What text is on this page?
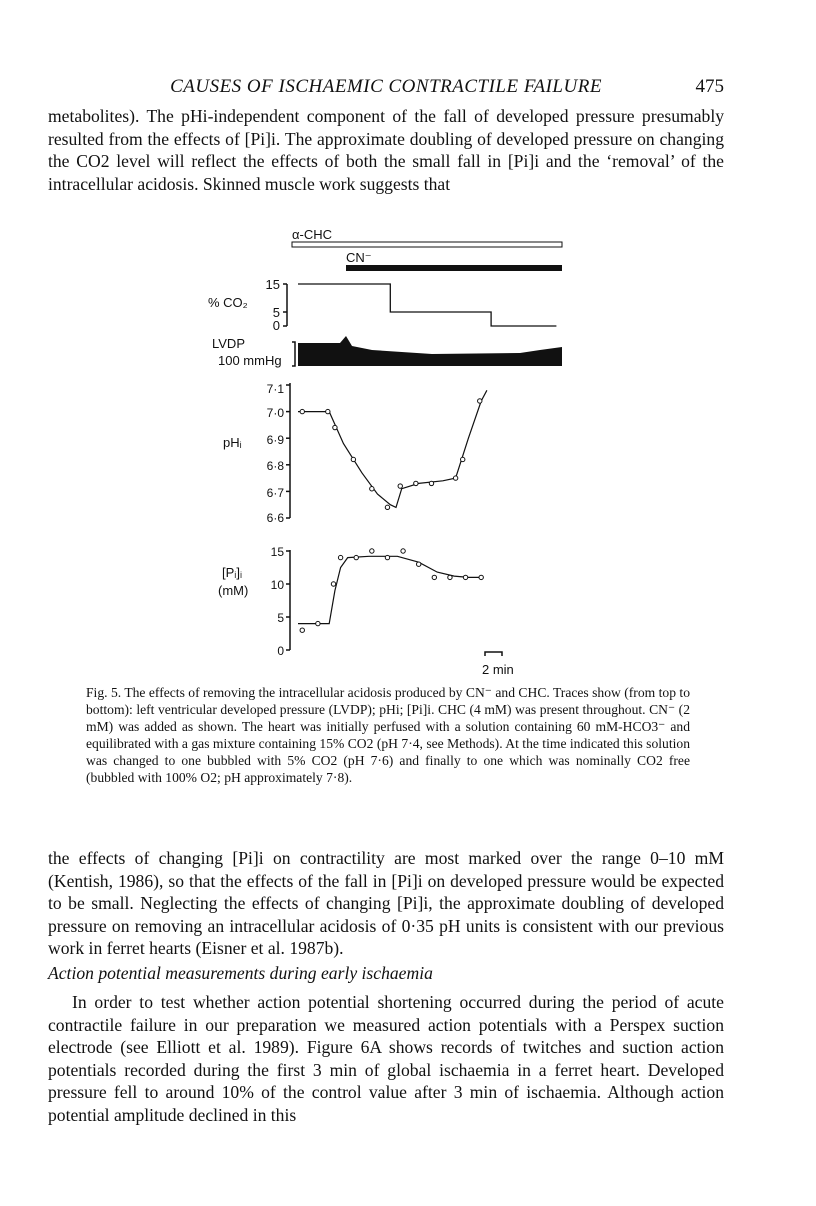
CAUSES OF ISCHAEMIC CONTRACTILE FAILURE	475

metabolites). The pHi-independent component of the fall of developed pressure presumably resulted from the effects of [Pi]i. The approximate doubling of developed pressure on changing the CO2 level will reflect the effects of both the small fall in [Pi]i and the ‘removal’ of the intracellular acidosis. Skinned muscle work suggests that

α-CHC
CN⁻
% CO₂
15
5
0
LVDP
100 mmHg
pHᵢ
7·1
7·0
6·9
6·8
6·7
6·6
[Pᵢ]ᵢ
(mM)
15
10
5
0
2 min

Fig. 5. The effects of removing the intracellular acidosis produced by CN⁻ and CHC. Traces show (from top to bottom): left ventricular developed pressure (LVDP); pHi; [Pi]i. CHC (4 mM) was present throughout. CN⁻ (2 mM) was added as shown. The heart was initially perfused with a solution containing 60 mM-HCO3⁻ and equilibrated with a gas mixture containing 15% CO2 (pH 7·4, see Methods). At the time indicated this solution was changed to one bubbled with 5% CO2 (pH 7·6) and finally to one which was nominally CO2 free (bubbled with 100% O2; pH approximately 7·8).

the effects of changing [Pi]i on contractility are most marked over the range 0–10 mM (Kentish, 1986), so that the effects of the fall in [Pi]i on developed pressure would be expected to be small. Neglecting the effects of changing [Pi]i, the approximate doubling of developed pressure on removing an intracellular acidosis of 0·35 pH units is consistent with our previous work in ferret hearts (Eisner et al. 1987b).

Action potential measurements during early ischaemia

In order to test whether action potential shortening occurred during the period of acute contractile failure in our preparation we measured action potentials with a Perspex suction electrode (see Elliott et al. 1989). Figure 6A shows records of twitches and suction action potentials recorded during the first 3 min of global ischaemia in a ferret heart. Developed pressure fell to around 10% of the control value after 3 min of ischaemia. Although action potential amplitude declined in this
